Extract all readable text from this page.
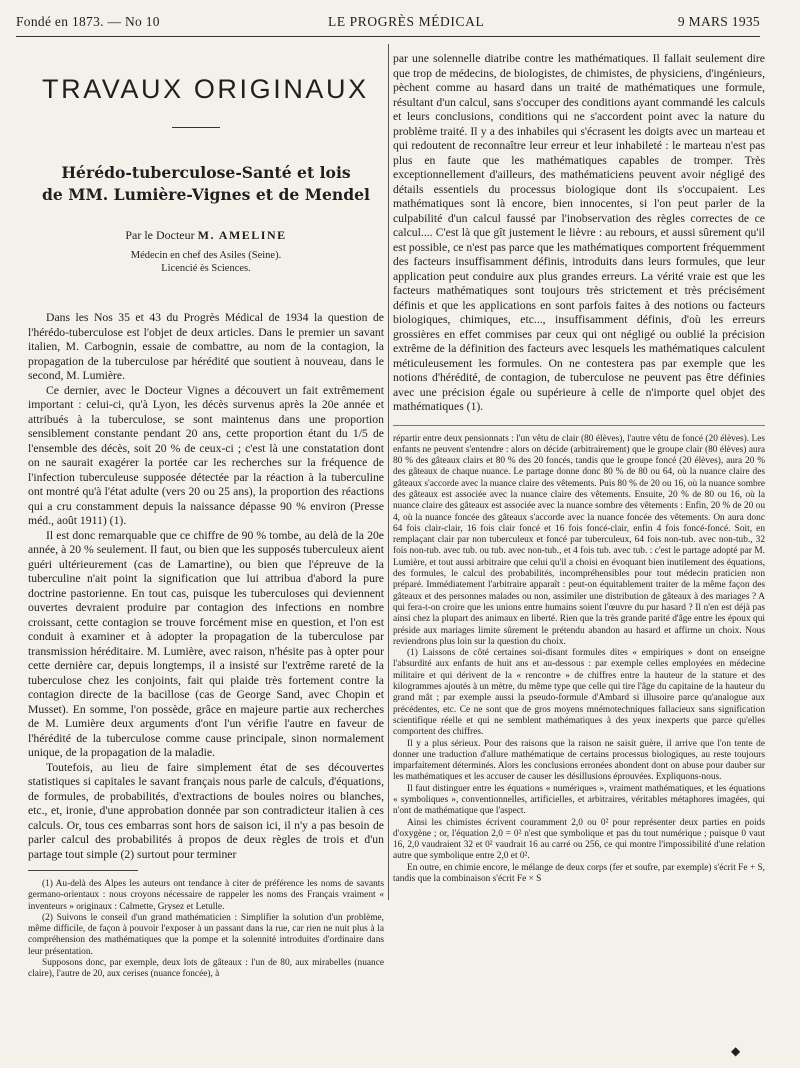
Fondé en 1873. — No 10	LE PROGRÈS MÉDICAL	9 MARS 1935
TRAVAUX ORIGINAUX
Hérédo-tuberculose-Santé et lois
de MM. Lumière-Vignes et de Mendel
Par le Docteur M. AMELINE
Médecin en chef des Asiles (Seine).
Licencié ès Sciences.

Dans les Nos 35 et 43 du Progrès Médical de 1934 la question de l'hérédo-tuberculose est l'objet de deux articles. Dans le premier un savant italien, M. Carbognin, essaie de combattre, au nom de la contagion, la propagation de la tuberculose par hérédité que soutient à nouveau, dans le second, M. Lumière.

Ce dernier, avec le Docteur Vignes a découvert un fait extrêmement important : celui-ci, qu'à Lyon, les décès survenus après la 20e année et attribués à la tuberculose, se sont maintenus dans une proportion sensiblement constante pendant 20 ans, cette proportion étant du 1/5 de l'ensemble des décès, soit 20 % de ceux-ci ; c'est là une constatation dont on ne saurait exagérer la portée car les recherches sur la fréquence de l'infection tuberculeuse supposée détectée par la réaction à la tuberculine ont montré qu'à l'état adulte (vers 20 ou 25 ans), la proportion des réactions qui a cru constamment depuis la naissance dépasse 90 % environ (Presse méd., août 1911) (1).

Il est donc remarquable que ce chiffre de 90 % tombe, au delà de la 20e année, à 20 % seulement. Il faut, ou bien que les supposés tuberculeux aient guéri ultérieurement (cas de Lamartine), ou bien que l'épreuve de la tuberculine n'ait point la signification que lui attribua d'abord la pure doctrine pastorienne. En tout cas, puisque les tuberculoses qui deviennent ouvertes devraient produire par contagion des infections en nombre croissant, cette contagion se trouve forcément mise en question, et l'on est conduit à examiner et à adopter la propagation de la tuberculose par transmission héréditaire. M. Lumière, avec raison, n'hésite pas à opter pour cette dernière car, depuis longtemps, il a insisté sur l'extrême rareté de la tuberculose chez les conjoints, fait qui plaide très fortement contre la contagion directe de la bacillose (cas de George Sand, avec Chopin et Musset). En somme, l'on possède, grâce en majeure partie aux recherches de M. Lumière deux arguments d'ont l'un vérifie l'autre en faveur de l'hérédité de la tuberculose comme cause principale, sinon normalement unique, de la propagation de la maladie.

Toutefois, au lieu de faire simplement état de ses découvertes statistiques si capitales le savant français nous parle de calculs, d'équations, de formules, de probabilités, d'extractions de boules noires ou blanches, etc., et, ironie, d'une approbation donnée par son contradicteur italien à ces calculs. Or, tous ces embarras sont hors de saison ici, il n'y a pas besoin de parler calcul des probabilités à propos de deux règles de trois et d'un partage tout simple (2) surtout pour terminer

(1) Au-delà des Alpes les auteurs ont tendance à citer de préférence les noms de savants germano-orientaux : nous croyons nécessaire de rappeler les noms des Français vraiment « inventeurs » originaux : Calmette, Grysez et Letulle.

(2) Suivons le conseil d'un grand mathématicien : Simplifier la solution d'un problème, même difficile, de façon à pouvoir l'exposer à un passant dans la rue, car rien ne nuit plus à la compréhension des mathématiques que la pompe et la solennité introduites d'ordinaire dans leur présentation.

Supposons donc, par exemple, deux lots de gâteaux : l'un de 80, aux mirabelles (nuance claire), l'autre de 20, aux cerises (nuance foncée), à

par une solennelle diatribe contre les mathématiques. Il fallait seulement dire que trop de médecins, de biologistes, de chimistes, de physiciens, d'ingénieurs, pèchent comme au hasard dans un traité de mathématiques une formule, résultant d'un calcul, sans s'occuper des conditions ayant commandé les calculs et leurs conclusions, conditions qui ne s'accordent point avec la nature du problème traité. Il y a des inhabiles qui s'écrasent les doigts avec un marteau et qui redoutent de reconnaître leur erreur et leur inhabileté : le marteau n'est pas plus en faute que les mathématiques capables de tromper. Très exceptionnellement d'ailleurs, des mathématiciens peuvent avoir négligé des détails essentiels du processus biologique dont ils s'occupaient. Les mathématiques sont là encore, bien innocentes, si l'on peut parler de la culpabilité d'un calcul faussé par l'inobservation des règles correctes de ce calcul.... C'est là que gît justement le lièvre : au rebours, et aussi sûrement qu'il est possible, ce n'est pas parce que les mathématiques comportent fréquemment des facteurs insuffisamment définis, introduits dans leurs formules, que leur application peut conduire aux plus grandes erreurs. La vérité vraie est que les facteurs mathématiques sont toujours très strictement et très précisément définis et que les applications en sont parfois faites à des notions ou facteurs biologiques, chimiques, etc..., insuffisamment définis, d'où les erreurs grossières en effet commises par ceux qui ont négligé ou oublié la précision extrême de la définition des facteurs avec lesquels les mathématiques calculent méticuleusement les formules. On ne contestera pas par exemple que les notions d'hérédité, de contagion, de tuberculose ne peuvent pas être définies avec une précision égale ou supérieure à celle de n'importe quel objet des mathématiques (1).

répartir entre deux pensionnats : l'un vêtu de clair (80 élèves), l'autre vêtu de foncé (20 élèves). Les enfants ne peuvent s'entendre : alors on décide (arbitrairement) que le groupe clair (80 élèves) aura 80 % des gâteaux clairs et 80 % des 20 foncés, tandis que le groupe foncé (20 élèves), aura 20 % des gâteaux de chaque nuance. Le partage donne donc 80 % de 80 ou 64, où la nuance claire des gâteaux s'accorde avec la nuance claire des vêtements. Puis 80 % de 20 ou 16, où la nuance sombre des gâteaux est associée avec la nuance claire des vêtements. Ensuite, 20 % de 80 ou 16, où la nuance claire des gâteaux est associée avec la nuance sombre des vêtements : Enfin, 20 % de 20 ou 4, où la nuance foncée des gâteaux s'accorde avec la nuance foncée des vêtements. On aura donc 64 fois clair-clair, 16 fois clair foncé et 16 fois foncé-clair, enfin 4 fois foncé-foncé. Soit, en remplaçant clair par non tuberculeux et foncé par tuberculeux, 64 fois non-tub. avec non-tub., 32 fois non-tub. avec tub. ou tub. avec non-tub., et 4 fois tub. avec tub. : c'est le partage adopté par M. Lumière, et tout aussi arbitraire que celui qu'il a choisi en évoquant bien inutilement des équations, des formules, le calcul des probabilités, incompréhensibles pour tout médecin praticien non préparé. Immédiatement l'arbitraire apparaît : peut-on équitablement traiter de la même façon des gâteaux et des personnes malades ou non, assimiler une distribution de gâteaux à des mariages ? A qui fera-t-on croire que les unions entre humains soient l'œuvre du pur hasard ? Il n'en est déjà pas ainsi chez la plupart des animaux en liberté. Rien que la très grande parité d'âge entre les époux qui préside aux mariages limite sûrement le prétendu abandon au hasard et affirme un choix. Nous reviendrons plus loin sur la question du choix.

(1) Laissons de côté certaines soi-disant formules dites « empiriques » dont on enseigne l'absurdité aux enfants de huit ans et au-dessous : par exemple celles employées en médecine militaire et qui dérivent de la « rencontre » de chiffres entre la hauteur de la stature et des kilogrammes ajoutés à un mètre, du même type que celle qui tire l'âge du capitaine de la hauteur du grand mât ; par exemple aussi la pseudo-formule d'Ambard si illusoire parce qu'analogue aux précédentes, etc. Ce ne sont que de gros moyens mnémotechniques fallacieux sans signification scientifique réelle et qui ne semblent mathématiques à des yeux inexperts que parce qu'elles comportent des chiffres.

Il y a plus sérieux. Pour des raisons que la raison ne saisit guère, il arrive que l'on tente de donner une traduction d'allure mathématique de certains processus biologiques, au reste toujours imparfaitement déterminés. Alors les conclusions erronées abondent dont on abuse pour dauber sur les mathématiques et les accuser de causer les désillusions éprouvées. Expliquons-nous.

Il faut distinguer entre les équations « numériques », vraiment mathématiques, et les équations « symboliques », conventionnelles, artificielles, et arbitraires, véritables métaphores imagées, qui n'ont de mathématique que l'aspect.

Ainsi les chimistes écrivent couramment 2,0 ou 0² pour représenter deux parties en poids d'oxygène ; or, l'équation 2,0 = 0² n'est que symbolique et pas du tout numérique ; puisque 0 vaut 16, 2,0 vaudraient 32 et 0² vaudrait 16 au carré ou 256, ce qui montre l'impossibilité d'une relation autre que symbolique entre 2,0 et 0².

En outre, en chimie encore, le mélange de deux corps (fer et soufre, par exemple) s'écrit Fe + S, tandis que la combinaison s'écrit Fe × S

◆
